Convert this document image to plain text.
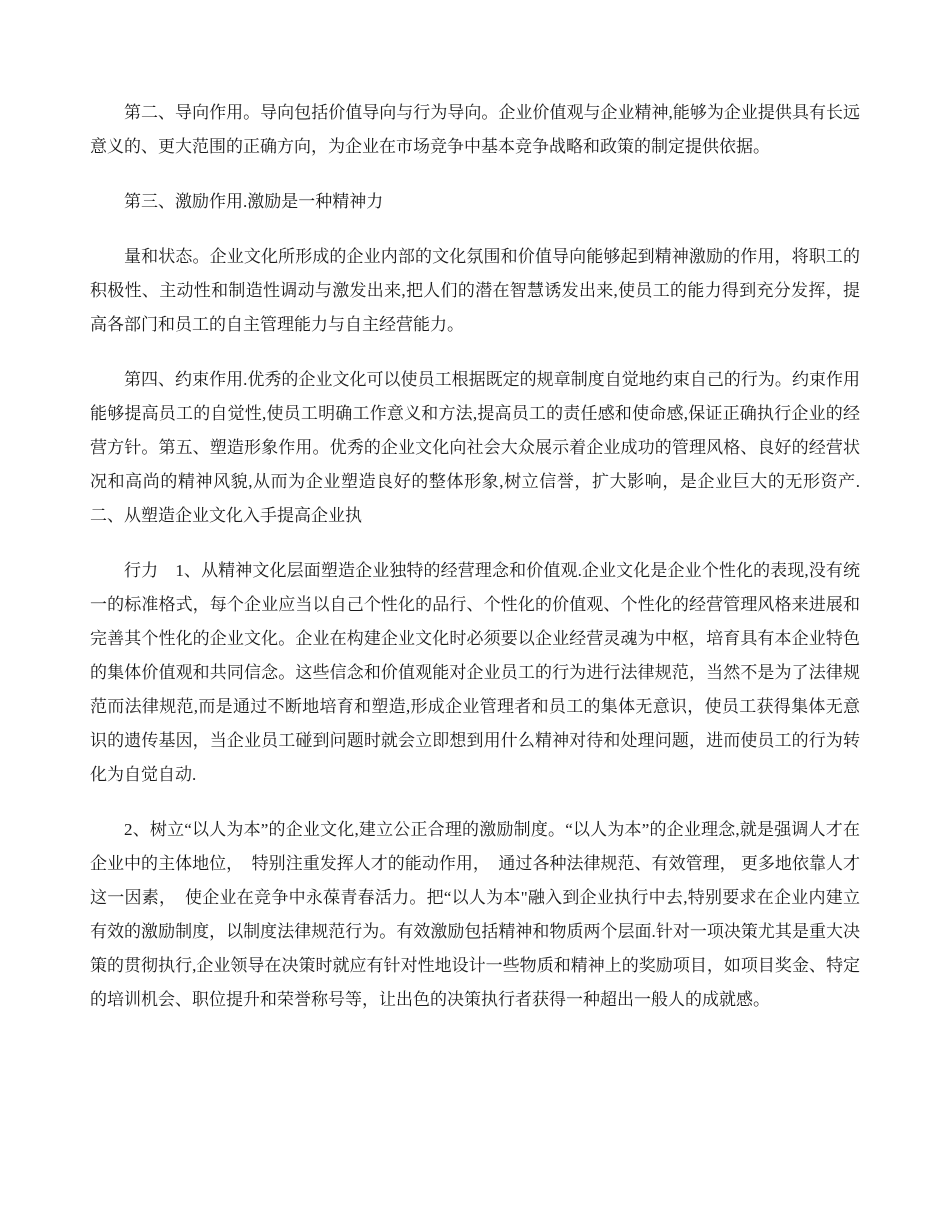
第二、导向作用。导向包括价值导向与行为导向。企业价值观与企业精神,能够为企业提供具有长远意义的、更大范围的正确方向，为企业在市场竞争中基本竞争战略和政策的制定提供依据。

第三、激励作用.激励是一种精神力

量和状态。企业文化所形成的企业内部的文化氛围和价值导向能够起到精神激励的作用，将职工的积极性、主动性和制造性调动与激发出来,把人们的潜在智慧诱发出来,使员工的能力得到充分发挥，提高各部门和员工的自主管理能力与自主经营能力。

第四、约束作用.优秀的企业文化可以使员工根据既定的规章制度自觉地约束自己的行为。约束作用能够提高员工的自觉性,使员工明确工作意义和方法,提高员工的责任感和使命感,保证正确执行企业的经营方针。第五、塑造形象作用。优秀的企业文化向社会大众展示着企业成功的管理风格、良好的经营状况和高尚的精神风貌,从而为企业塑造良好的整体形象,树立信誉，扩大影响，是企业巨大的无形资产.二、从塑造企业文化入手提高企业执

行力　1、从精神文化层面塑造企业独特的经营理念和价值观.企业文化是企业个性化的表现,没有统一的标准格式，每个企业应当以自己个性化的品行、个性化的价值观、个性化的经营管理风格来进展和完善其个性化的企业文化。企业在构建企业文化时必须要以企业经营灵魂为中枢，培育具有本企业特色的集体价值观和共同信念。这些信念和价值观能对企业员工的行为进行法律规范，当然不是为了法律规范而法律规范,而是通过不断地培育和塑造,形成企业管理者和员工的集体无意识，使员工获得集体无意识的遗传基因，当企业员工碰到问题时就会立即想到用什么精神对待和处理问题，进而使员工的行为转化为自觉自动.

2、树立“以人为本”的企业文化,建立公正合理的激励制度。“以人为本”的企业理念,就是强调人才在企业中的主体地位，　特别注重发挥人才的能动作用，　通过各种法律规范、有效管理， 更多地依靠人才这一因素，　使企业在竞争中永葆青春活力。把“以人为本"融入到企业执行中去,特别要求在企业内建立有效的激励制度，以制度法律规范行为。有效激励包括精神和物质两个层面.针对一项决策尤其是重大决策的贯彻执行,企业领导在决策时就应有针对性地设计一些物质和精神上的奖励项目，如项目奖金、特定的培训机会、职位提升和荣誉称号等，让出色的决策执行者获得一种超出一般人的成就感。
